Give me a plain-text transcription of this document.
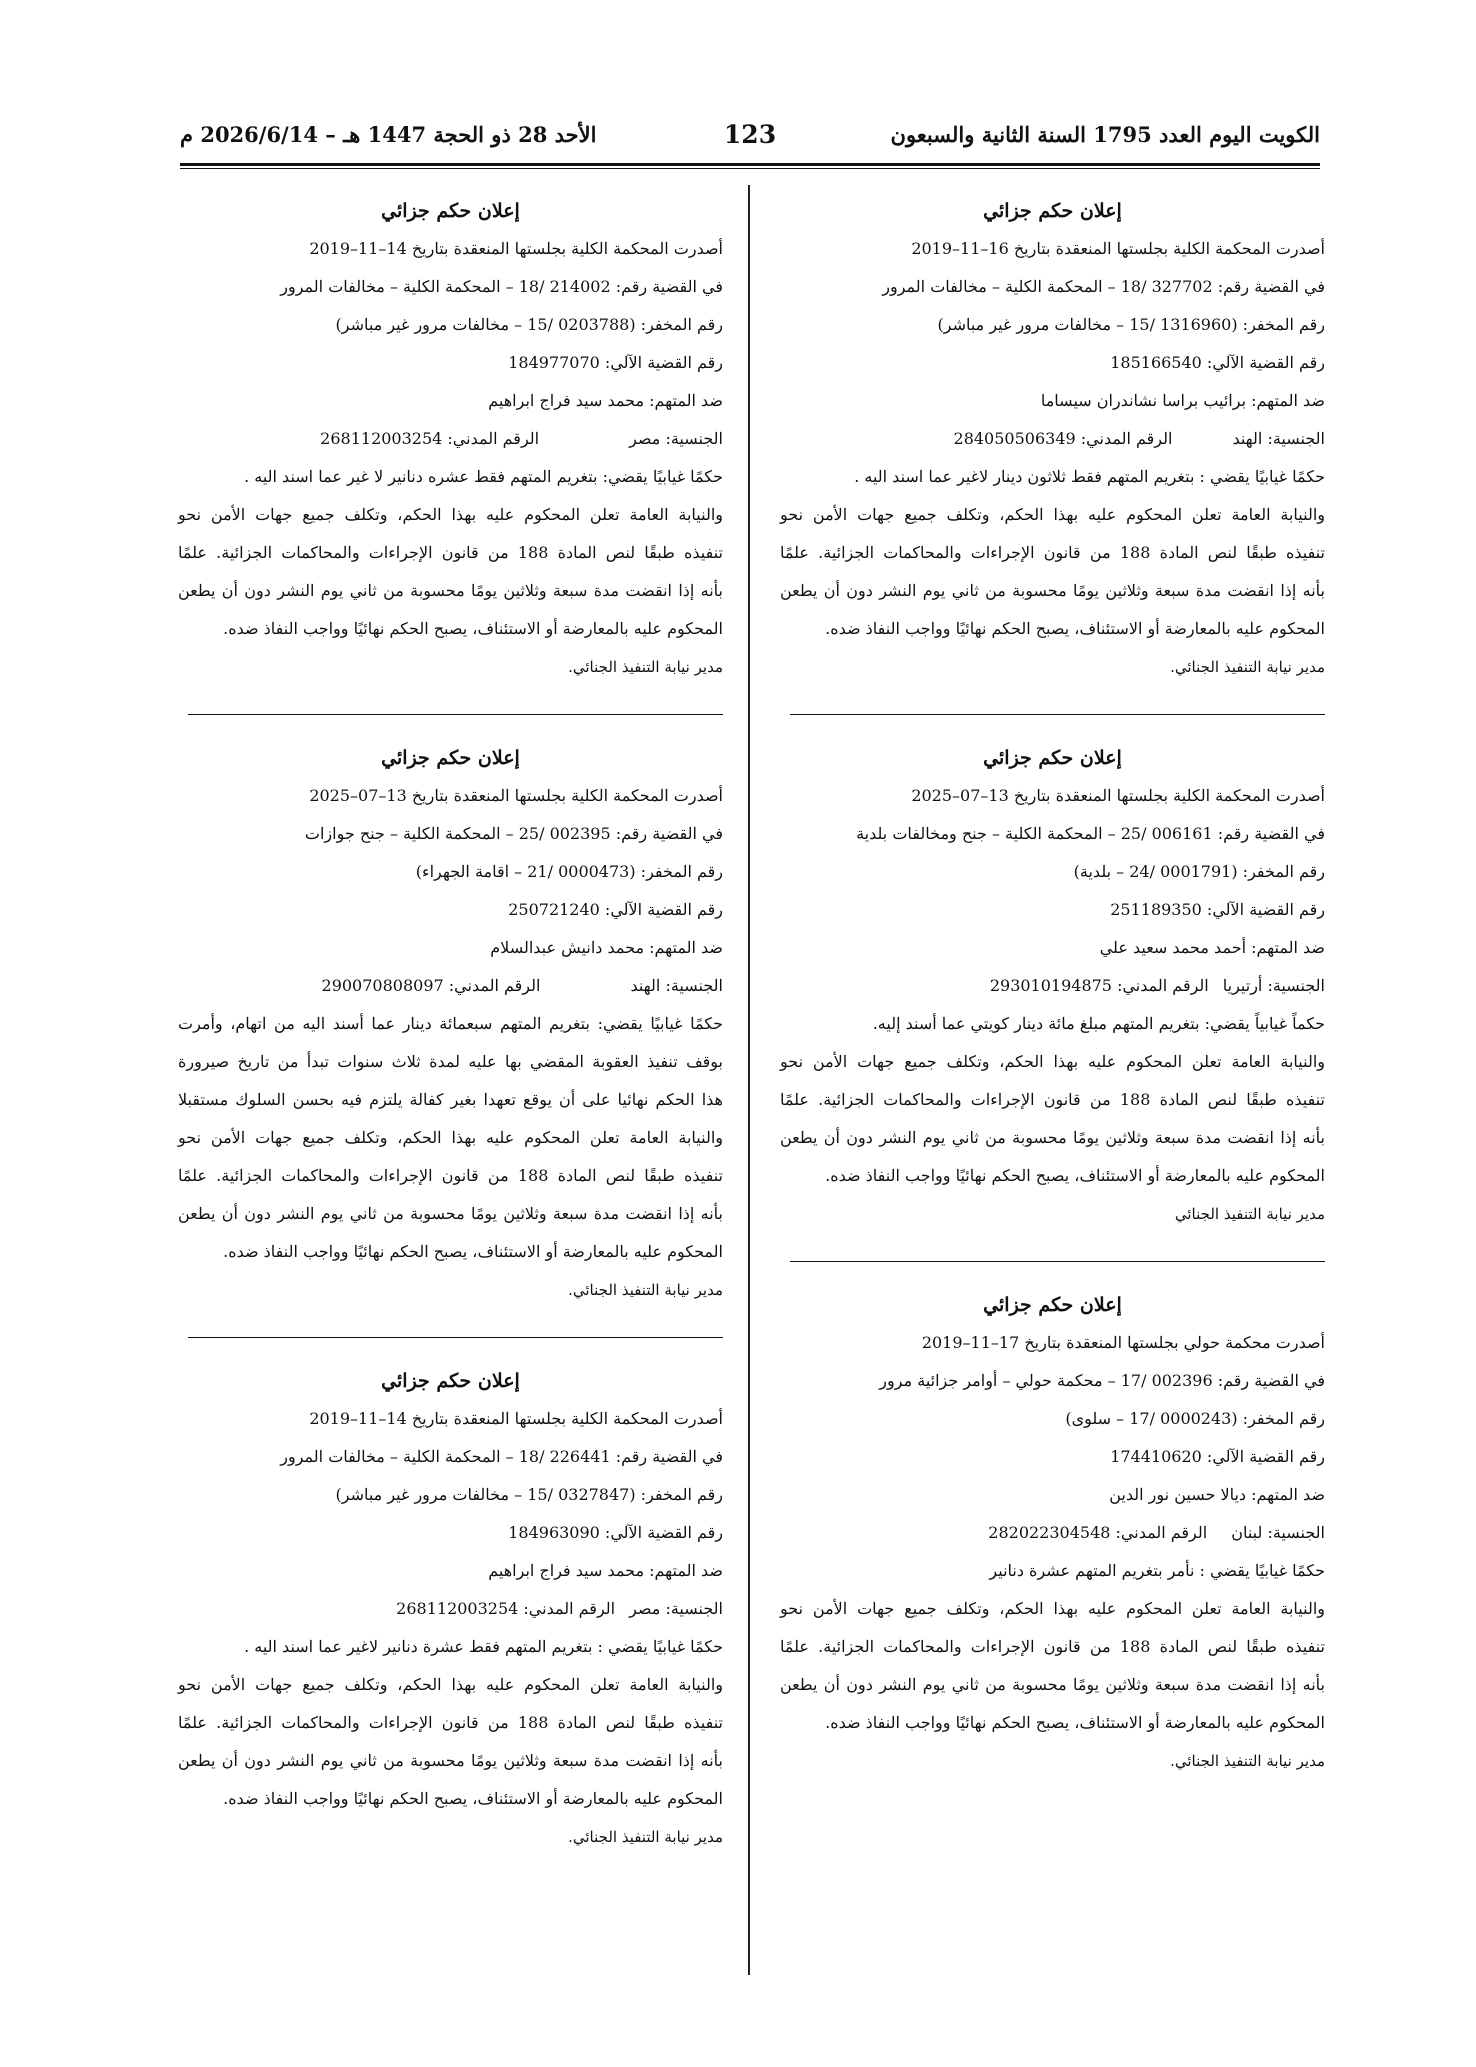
الكويت اليوم العدد 1795 السنة الثانية والسبعون
123
الأحد 28 ذو الحجة 1447 هـ – 2026/6/14 م
إعلان حكم جزائي
أصدرت المحكمة الكلية بجلستها المنعقدة بتاريخ 16–11–2019
في القضية رقم: 327702 /18 – المحكمة الكلية – مخالفات المرور
رقم المخفر: (1316960 /15 – مخالفات مرور غير مباشر)
رقم القضية الآلي: 185166540
ضد المتهم: برائيب براسا نشاندران سيساما
الجنسية: الهندالرقم المدني: 284050506349
حكمًا غيابيًا يقضي : بتغريم المتهم فقط ثلاثون دينار لاغير عما اسند اليه .
والنيابة العامة تعلن المحكوم عليه بهذا الحكم، وتكلف جميع جهات الأمن نحو
تنفيذه طبقًا لنص المادة 188 من قانون الإجراءات والمحاكمات الجزائية. علمًا
بأنه إذا انقضت مدة سبعة وثلاثين يومًا محسوبة من ثاني يوم النشر دون أن يطعن
المحكوم عليه بالمعارضة أو الاستئناف، يصبح الحكم نهائيًا وواجب النفاذ ضده.
مدير نيابة التنفيذ الجنائي.
إعلان حكم جزائي
أصدرت المحكمة الكلية بجلستها المنعقدة بتاريخ 13–07–2025
في القضية رقم: 006161 /25 – المحكمة الكلية – جنح ومخالفات بلدية
رقم المخفر: (0001791 /24 – بلدية)
رقم القضية الآلي: 251189350
ضد المتهم: أحمد محمد سعيد علي
الجنسية: أرتيرياالرقم المدني: 293010194875
حكماً غيابياً يقضي: بتغريم المتهم مبلغ مائة دينار كويتي عما أسند إليه.
والنيابة العامة تعلن المحكوم عليه بهذا الحكم، وتكلف جميع جهات الأمن نحو
تنفيذه طبقًا لنص المادة 188 من قانون الإجراءات والمحاكمات الجزائية. علمًا
بأنه إذا انقضت مدة سبعة وثلاثين يومًا محسوبة من ثاني يوم النشر دون أن يطعن
المحكوم عليه بالمعارضة أو الاستئناف، يصبح الحكم نهائيًا وواجب النفاذ ضده.
مدير نيابة التنفيذ الجنائي
إعلان حكم جزائي
أصدرت محكمة حولي بجلستها المنعقدة بتاريخ 17–11–2019
في القضية رقم: 002396 /17 – محكمة حولي – أوامر جزائية مرور
رقم المخفر: (0000243 /17 – سلوى)
رقم القضية الآلي: 174410620
ضد المتهم: ديالا حسين نور الدين
الجنسية: لبنانالرقم المدني: 282022304548
حكمًا غيابيًا يقضي : نأمر بتغريم المتهم عشرة دنانير
والنيابة العامة تعلن المحكوم عليه بهذا الحكم، وتكلف جميع جهات الأمن نحو
تنفيذه طبقًا لنص المادة 188 من قانون الإجراءات والمحاكمات الجزائية. علمًا
بأنه إذا انقضت مدة سبعة وثلاثين يومًا محسوبة من ثاني يوم النشر دون أن يطعن
المحكوم عليه بالمعارضة أو الاستئناف، يصبح الحكم نهائيًا وواجب النفاذ ضده.
مدير نيابة التنفيذ الجنائي.
إعلان حكم جزائي
أصدرت المحكمة الكلية بجلستها المنعقدة بتاريخ 14–11–2019
في القضية رقم: 214002 /18 – المحكمة الكلية – مخالفات المرور
رقم المخفر: (0203788 /15 – مخالفات مرور غير مباشر)
رقم القضية الآلي: 184977070
ضد المتهم: محمد سيد فراج ابراهيم
الجنسية: مصرالرقم المدني: 268112003254
حكمًا غيابيًا يقضي: بتغريم المتهم فقط عشره دنانير لا غير عما اسند اليه .
والنيابة العامة تعلن المحكوم عليه بهذا الحكم، وتكلف جميع جهات الأمن نحو
تنفيذه طبقًا لنص المادة 188 من قانون الإجراءات والمحاكمات الجزائية. علمًا
بأنه إذا انقضت مدة سبعة وثلاثين يومًا محسوبة من ثاني يوم النشر دون أن يطعن
المحكوم عليه بالمعارضة أو الاستئناف، يصبح الحكم نهائيًا وواجب النفاذ ضده.
مدير نيابة التنفيذ الجنائي.
إعلان حكم جزائي
أصدرت المحكمة الكلية بجلستها المنعقدة بتاريخ 13–07–2025
في القضية رقم: 002395 /25 – المحكمة الكلية – جنح جوازات
رقم المخفر: (0000473 /21 – اقامة الجهراء)
رقم القضية الآلي: 250721240
ضد المتهم: محمد دانيش عبدالسلام
الجنسية: الهندالرقم المدني: 290070808097
حكمًا غيابيًا يقضي: بتغريم المتهم سبعمائة دينار عما أسند اليه من اتهام، وأمرت
بوقف تنفيذ العقوبة المقضي بها عليه لمدة ثلاث سنوات تبدأ من تاريخ صيرورة
هذا الحكم نهائيا على أن يوقع تعهدا بغير كفالة يلتزم فيه بحسن السلوك مستقبلا
والنيابة العامة تعلن المحكوم عليه بهذا الحكم، وتكلف جميع جهات الأمن نحو
تنفيذه طبقًا لنص المادة 188 من قانون الإجراءات والمحاكمات الجزائية. علمًا
بأنه إذا انقضت مدة سبعة وثلاثين يومًا محسوبة من ثاني يوم النشر دون أن يطعن
المحكوم عليه بالمعارضة أو الاستئناف، يصبح الحكم نهائيًا وواجب النفاذ ضده.
مدير نيابة التنفيذ الجنائي.
إعلان حكم جزائي
أصدرت المحكمة الكلية بجلستها المنعقدة بتاريخ 14–11–2019
في القضية رقم: 226441 /18 – المحكمة الكلية – مخالفات المرور
رقم المخفر: (0327847 /15 – مخالفات مرور غير مباشر)
رقم القضية الآلي: 184963090
ضد المتهم: محمد سيد فراج ابراهيم
الجنسية: مصرالرقم المدني: 268112003254
حكمًا غيابيًا يقضي : بتغريم المتهم فقط عشرة دنانير لاغير عما اسند اليه .
والنيابة العامة تعلن المحكوم عليه بهذا الحكم، وتكلف جميع جهات الأمن نحو
تنفيذه طبقًا لنص المادة 188 من قانون الإجراءات والمحاكمات الجزائية. علمًا
بأنه إذا انقضت مدة سبعة وثلاثين يومًا محسوبة من ثاني يوم النشر دون أن يطعن
المحكوم عليه بالمعارضة أو الاستئناف، يصبح الحكم نهائيًا وواجب النفاذ ضده.
مدير نيابة التنفيذ الجنائي.
